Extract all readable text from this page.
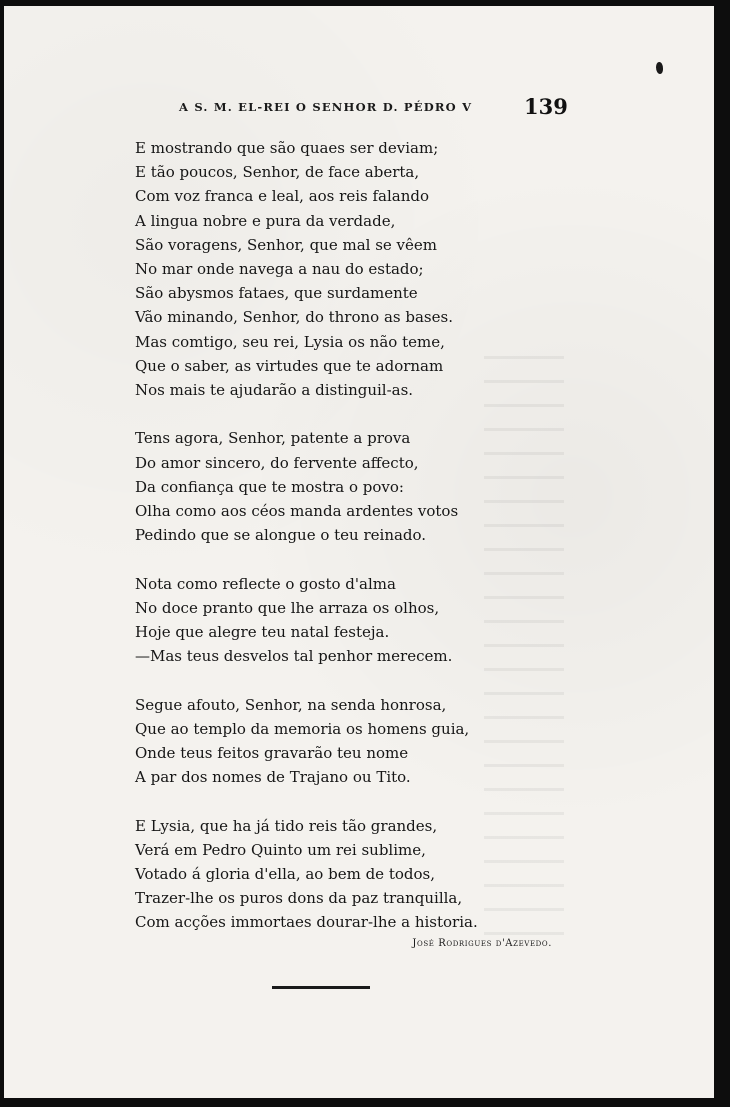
A S. M. EL-REI O SENHOR D. PÉDRO V 139
E mostrando que são quaes ser deviam;
E tão poucos, Senhor, de face aberta,
Com voz franca e leal, aos reis falando
A lingua nobre e pura da verdade,
São voragens, Senhor, que mal se vêem
No mar onde navega a nau do estado;
São abysmos fataes, que surdamente
Vão minando, Senhor, do throno as bases.
Mas comtigo, seu rei, Lysia os não teme,
Que o saber, as virtudes que te adornam
Nos mais te ajudarão a distinguil-as.
Tens agora, Senhor, patente a prova
Do amor sincero, do fervente affecto,
Da confiança que te mostra o povo:
Olha como aos céos manda ardentes votos
Pedindo que se alongue o teu reinado.
Nota como reflecte o gosto d'alma
No doce pranto que lhe arraza os olhos,
Hoje que alegre teu natal festeja.
—Mas teus desvelos tal penhor merecem.
Segue afouto, Senhor, na senda honrosa,
Que ao templo da memoria os homens guia,
Onde teus feitos gravarão teu nome
A par dos nomes de Trajano ou Tito.
E Lysia, que ha já tido reis tão grandes,
Verá em Pedro Quinto um rei sublime,
Votado á gloria d'ella, ao bem de todos,
Trazer-lhe os puros dons da paz tranquilla,
Com acções immortaes dourar-lhe a historia.
José Rodrigues d'Azevedo.
